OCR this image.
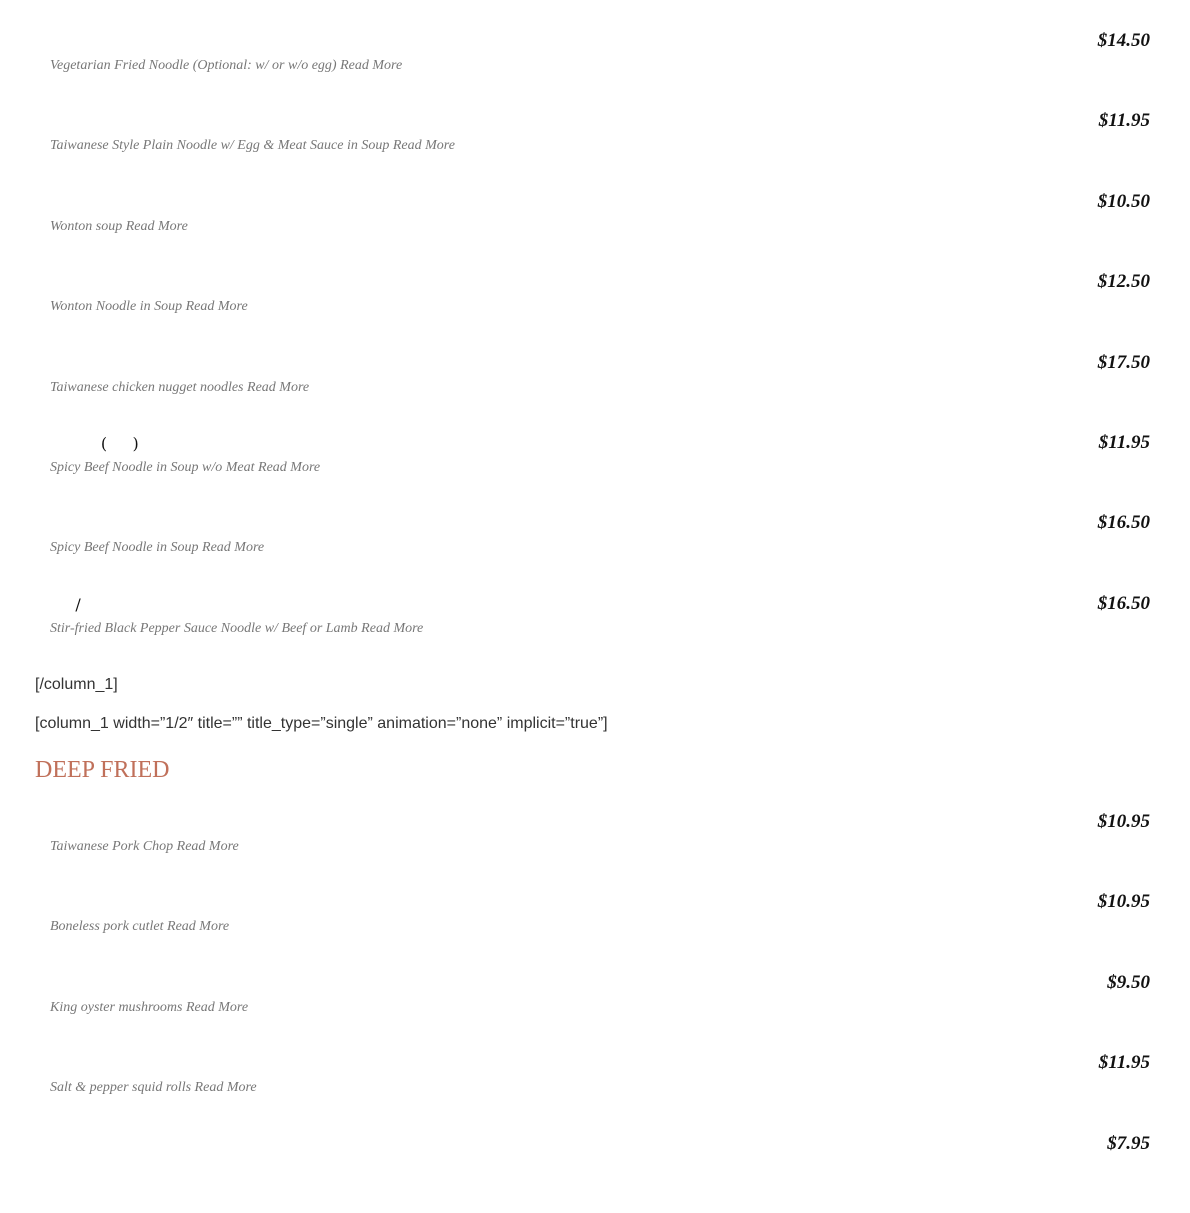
$14.50
Vegetarian Fried Noodle (Optional: w/ or w/o egg) Read More
$11.95
Taiwanese Style Plain Noodle w/ Egg & Meat Sauce in Soup Read More
$10.50
Wonton soup Read More
$12.50
Wonton Noodle in Soup Read More
$17.50
Taiwanese chicken nugget noodles Read More
(     )	$11.95
Spicy Beef Noodle in Soup w/o Meat Read More
$16.50
Spicy Beef Noodle in Soup Read More
/	$16.50
Stir-fried Black Pepper Sauce Noodle w/ Beef or Lamb Read More
[/column_1]
[column_1 width=”1/2″ title=”” title_type=”single” animation=”none” implicit=”true”]
DEEP FRIED
$10.95
Taiwanese Pork Chop Read More
$10.95
Boneless pork cutlet Read More
$9.50
King oyster mushrooms Read More
$11.95
Salt & pepper squid rolls Read More
$7.95
